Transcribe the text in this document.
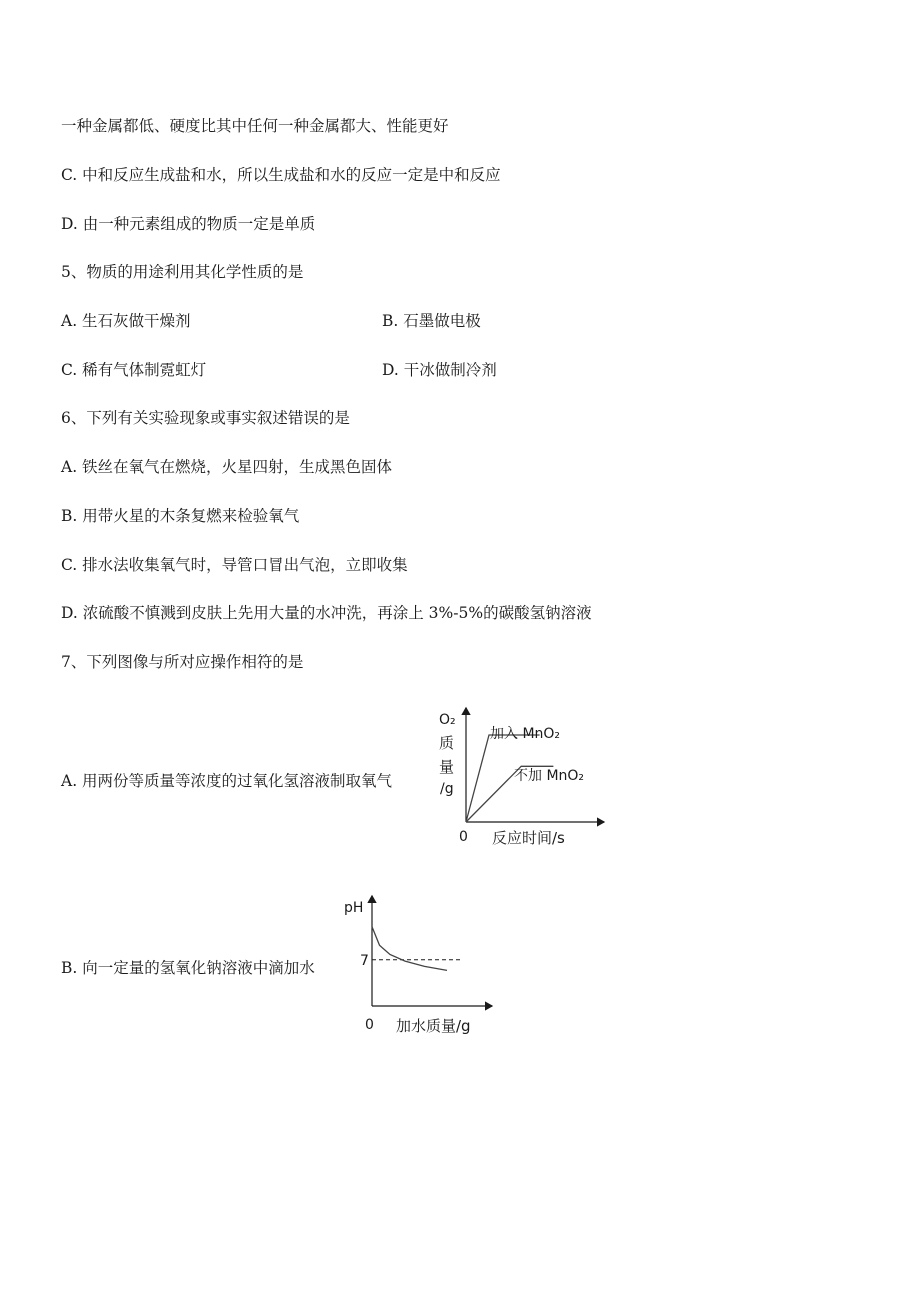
一种金属都低、硬度比其中任何一种金属都大、性能更好
C. 中和反应生成盐和水，所以生成盐和水的反应一定是中和反应
D. 由一种元素组成的物质一定是单质
5、物质的用途利用其化学性质的是
A. 生石灰做干燥剂	B. 石墨做电极
C. 稀有气体制霓虹灯	D. 干冰做制冷剂
6、下列有关实验现象或事实叙述错误的是
A. 铁丝在氧气在燃烧，火星四射，生成黑色固体
B. 用带火星的木条复燃来检验氧气
C. 排水法收集氧气时，导管口冒出气泡，立即收集
D. 浓硫酸不慎溅到皮肤上先用大量的水冲洗，再涂上 3%-5%的碳酸氢钠溶液
7、下列图像与所对应操作相符的是
A. 用两份等质量等浓度的过氧化氢溶液制取氧气
B. 向一定量的氢氧化钠溶液中滴加水
O₂
质
量
/g
0 反应时间/s
加入 MnO₂
不加 MnO₂
pH
7
0 加水质量/g
